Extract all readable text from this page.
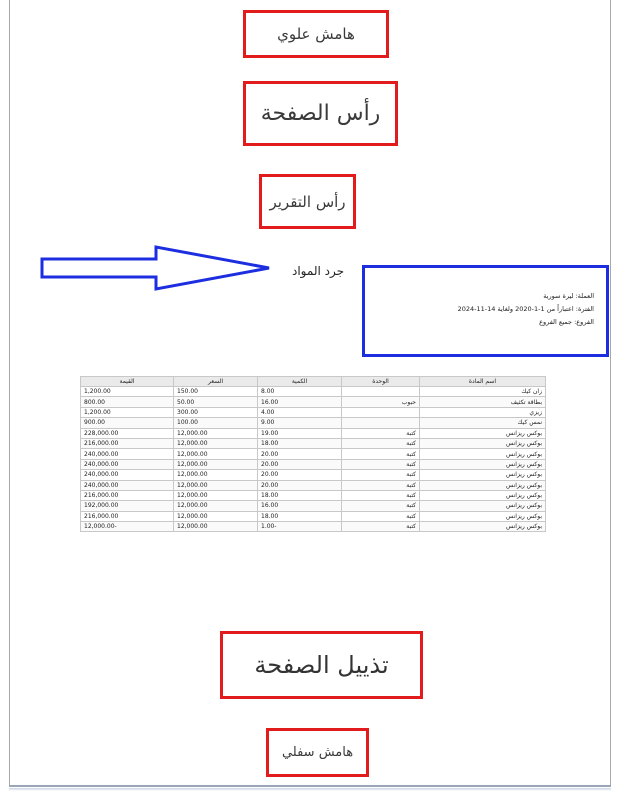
هامش علوي
رأس الصفحة
رأس التقرير
جرد المواد
العملة: ليرة سورية
الفترة: اعتباراً من 1-1-2020 ولغاية 14-11-2024
الفروع: جميع الفروع
اسم المادة	الوحدة	الكمية	السعر	القيمة
زان كيك		8.00	150.00	1,200.00
بطاقة تكثيف	حبوب	16.00	50.00	800.00
زيزي		4.00	300.00	1,200.00
نمس كيك		9.00	100.00	900.00
بوكس ريزانس	كتبة	19.00	12,000.00	228,000.00
بوكس ريزانس	كتبة	18.00	12,000.00	216,000.00
بوكس ريزانس	كتبة	20.00	12,000.00	240,000.00
بوكس ريزانس	كتبة	20.00	12,000.00	240,000.00
بوكس ريزانس	كتبة	20.00	12,000.00	240,000.00
بوكس ريزانس	كتبة	20.00	12,000.00	240,000.00
بوكس ريزانس	كتبة	18.00	12,000.00	216,000.00
بوكس ريزانس	كتبة	16.00	12,000.00	192,000.00
بوكس ريزانس	كتبة	18.00	12,000.00	216,000.00
بوكس ريزانس	كتبة	-1.00	12,000.00	-12,000.00
تذييل الصفحة
هامش سفلي
